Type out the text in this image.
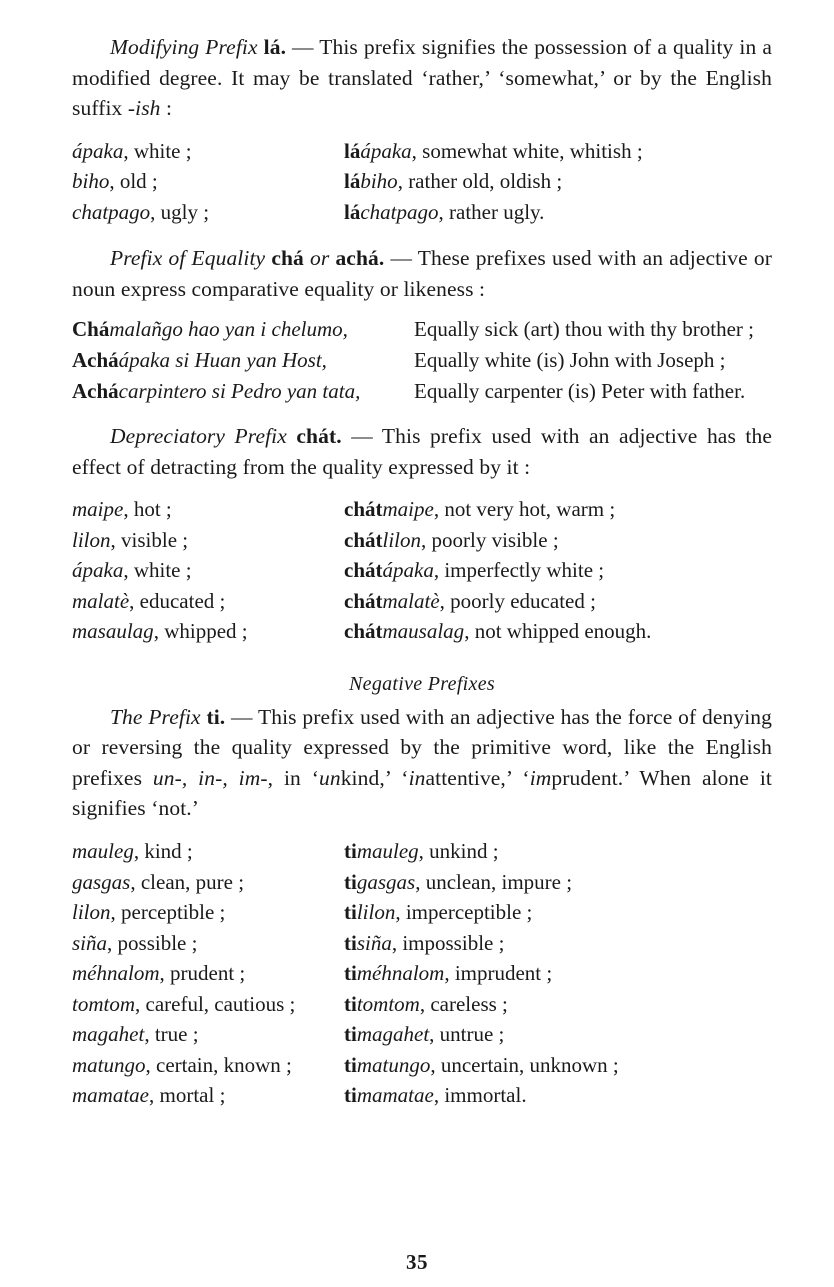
Modifying Prefix lá. — This prefix signifies the possession of a quality in a modified degree. It may be translated ‘rather,’ ‘somewhat,’ or by the English suffix -ish :

ápaka, white ;	láápaka, somewhat white, whitish ;
biho, old ;	lábiho, rather old, oldish ;
chatpago, ugly ;	láchatpago, rather ugly.

Prefix of Equality chá or achá. — These prefixes used with an adjective or noun express comparative equality or likeness :

Chámalañgo hao yan i chelumo,	Equally sick (art) thou with thy brother ;

Acháápaka si Huan yan Host,	Equally white (is) John with Joseph ;

Achácarpintero si Pedro yan tata,	Equally carpenter (is) Peter with father.

Depreciatory Prefix chát. — This prefix used with an adjective has the effect of detracting from the quality expressed by it :

maipe, hot ;	chátmaipe, not very hot, warm ;
lilon, visible ;	chátlilon, poorly visible ;
ápaka, white ;	chátápaka, imperfectly white ;
malatè, educated ;	chátmalatè, poorly educated ;
masaulag, whipped ;	chátmausalag, not whipped enough.
Negative Prefixes

The Prefix ti. — This prefix used with an adjective has the force of denying or reversing the quality expressed by the primitive word, like the English prefixes un-, in-, im-, in ‘unkind,’ ‘inattentive,’ ‘imprudent.’ When alone it signifies ‘not.’

mauleg, kind ;	timauleg, unkind ;
gasgas, clean, pure ;	tigasgas, unclean, impure ;
lilon, perceptible ;	tililon, imperceptible ;
siña, possible ;	tisiña, impossible ;
méhnalom, prudent ;	timéhnalom, imprudent ;
tomtom, careful, cautious ;	titomtom, careless ;
magahet, true ;	timagahet, untrue ;
matungo, certain, known ;	timatungo, uncertain, unknown ;
mamatae, mortal ;	timamatae, immortal.
35
